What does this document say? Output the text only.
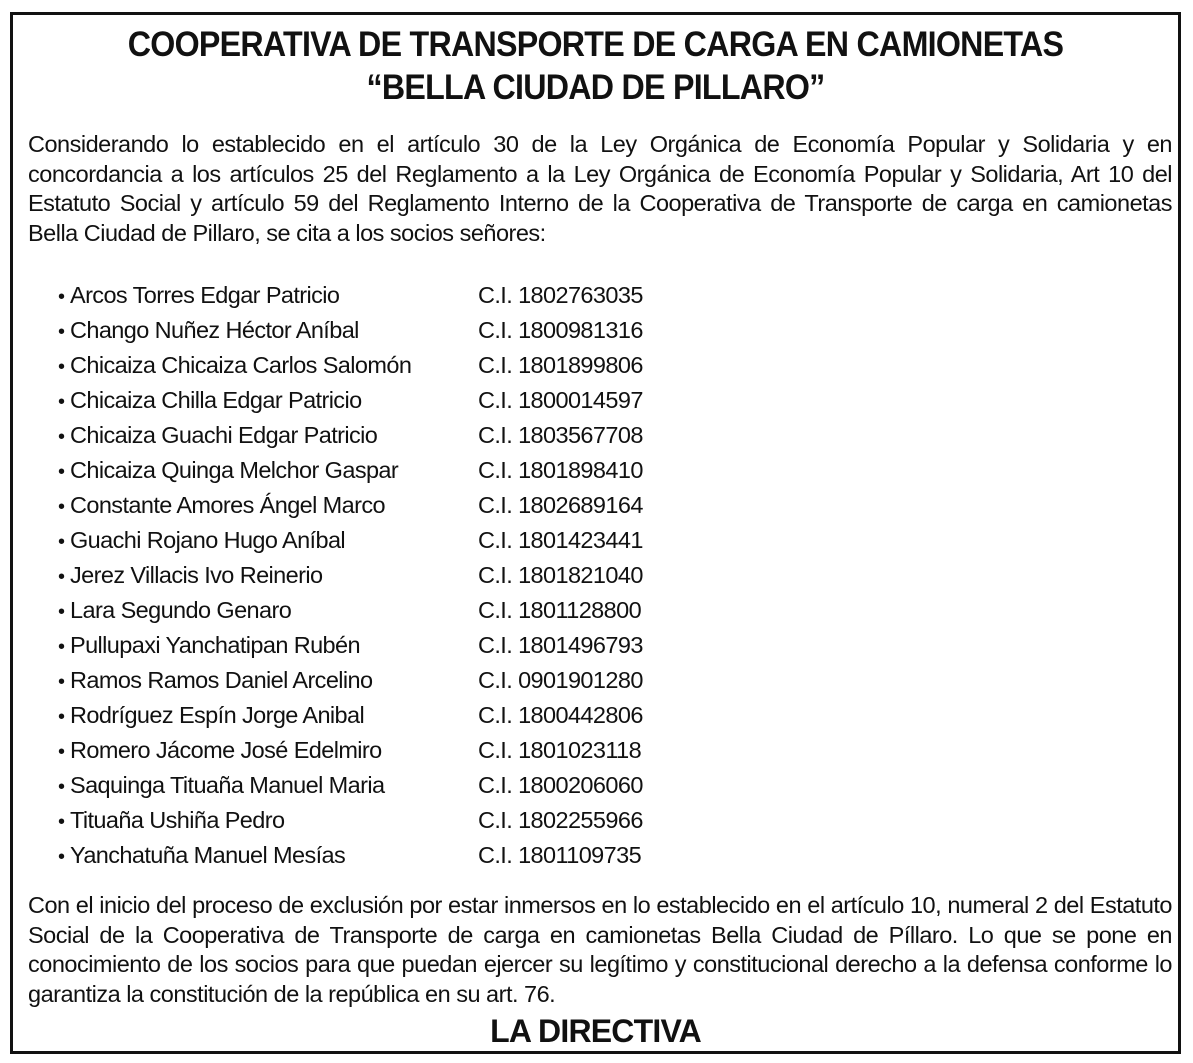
COOPERATIVA DE TRANSPORTE DE CARGA EN CAMIONETAS
“BELLA CIUDAD DE PILLARO”
Considerando lo establecido en el artículo 30 de la Ley Orgánica de Economía Popular y Solidaria y en concordancia a los artículos 25 del Reglamento a la Ley Orgánica de Economía Popular y Solidaria, Art 10 del Estatuto Social y artículo 59 del Reglamento Interno de la Cooperativa de Transporte de carga en camionetas Bella Ciudad de Pillaro, se cita a los socios señores:
• Arcos Torres Edgar Patricio	C.I. 1802763035
• Chango Nuñez Héctor Aníbal	C.I. 1800981316
• Chicaiza Chicaiza Carlos Salomón	C.I. 1801899806
• Chicaiza Chilla Edgar Patricio	C.I. 1800014597
• Chicaiza Guachi Edgar Patricio	C.I. 1803567708
• Chicaiza Quinga Melchor Gaspar	C.I. 1801898410
• Constante Amores Ángel Marco	C.I. 1802689164
• Guachi Rojano Hugo Aníbal	C.I. 1801423441
• Jerez Villacis Ivo Reinerio	C.I. 1801821040
• Lara Segundo Genaro	C.I. 1801128800
• Pullupaxi Yanchatipan Rubén	C.I. 1801496793
• Ramos Ramos Daniel Arcelino	C.I. 0901901280
• Rodríguez Espín Jorge Anibal	C.I. 1800442806
• Romero Jácome José Edelmiro	C.I. 1801023118
• Saquinga Tituaña Manuel Maria	C.I. 1800206060
• Tituaña Ushiña Pedro	C.I. 1802255966
• Yanchatuña Manuel Mesías	C.I. 1801109735
Con el inicio del proceso de exclusión por estar inmersos en lo establecido en el artículo 10, numeral 2 del Estatuto Social de la Cooperativa de Transporte de carga en camionetas Bella Ciudad de Píllaro. Lo que se pone en conocimiento de los socios para que puedan ejercer su legítimo y constitucional derecho a la defensa conforme lo garantiza la constitución de la república en su art. 76.
LA DIRECTIVA
